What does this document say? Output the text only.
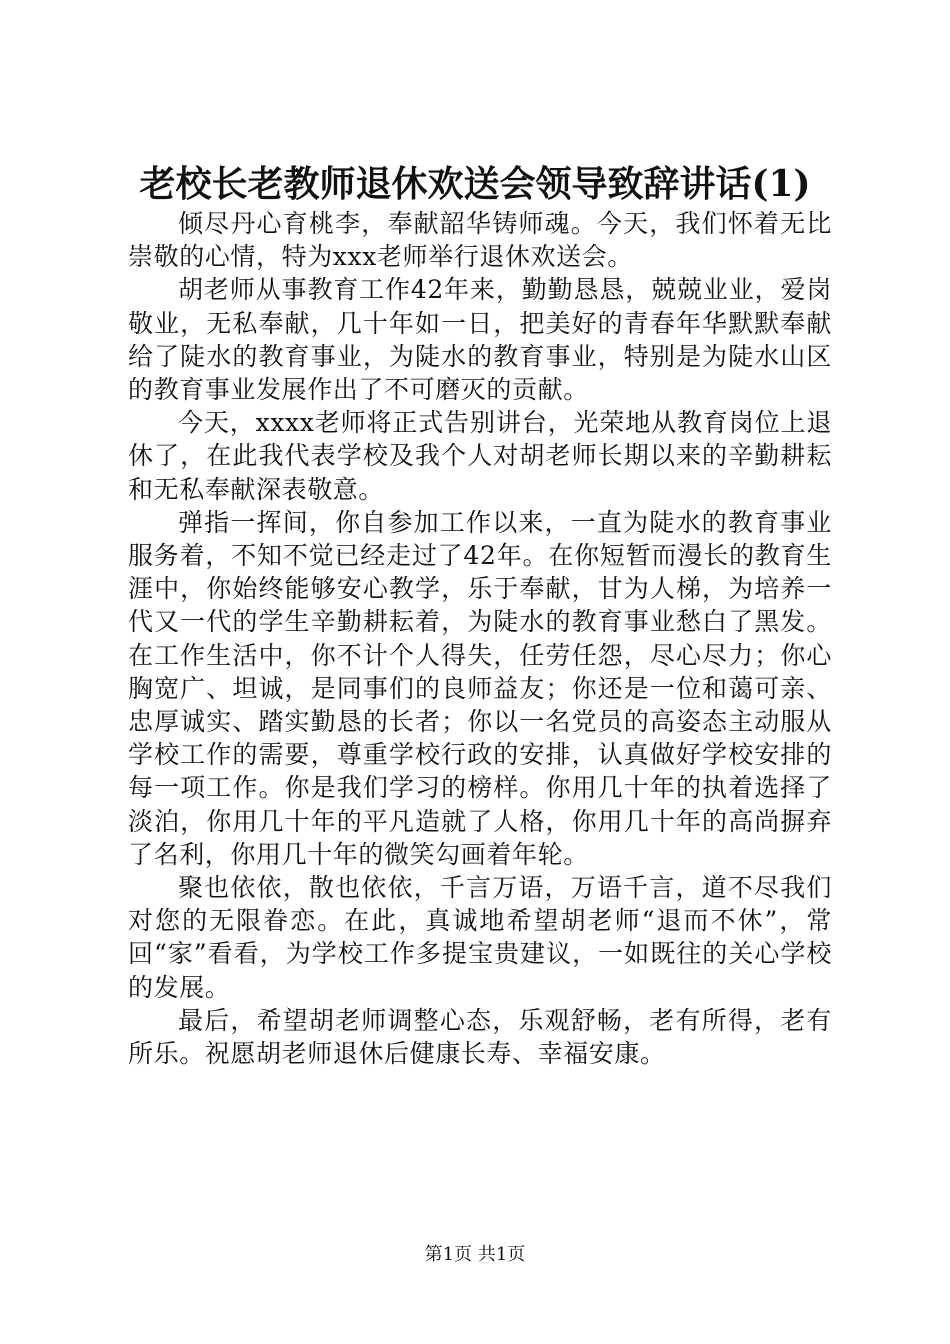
老校长老教师退休欢送会领导致辞讲话(1)

倾尽丹心育桃李，奉献韶华铸师魂。今天，我们怀着无比崇敬的心情，特为xxx老师举行退休欢送会。

胡老师从事教育工作42年来，勤勤恳恳，兢兢业业，爱岗敬业，无私奉献，几十年如一日，把美好的青春年华默默奉献给了陡水的教育事业，为陡水的教育事业，特别是为陡水山区的教育事业发展作出了不可磨灭的贡献。

今天，xxxx老师将正式告别讲台，光荣地从教育岗位上退休了，在此我代表学校及我个人对胡老师长期以来的辛勤耕耘和无私奉献深表敬意。

弹指一挥间，你自参加工作以来，一直为陡水的教育事业服务着，不知不觉已经走过了42年。在你短暂而漫长的教育生涯中，你始终能够安心教学，乐于奉献，甘为人梯，为培养一代又一代的学生辛勤耕耘着，为陡水的教育事业愁白了黑发。在工作生活中，你不计个人得失，任劳任怨，尽心尽力；你心胸宽广、坦诚，是同事们的良师益友；你还是一位和蔼可亲、忠厚诚实、踏实勤恳的长者；你以一名党员的高姿态主动服从学校工作的需要，尊重学校行政的安排，认真做好学校安排的每一项工作。你是我们学习的榜样。你用几十年的执着选择了淡泊，你用几十年的平凡造就了人格，你用几十年的高尚摒弃了名利，你用几十年的微笑勾画着年轮。

聚也依依，散也依依，千言万语，万语千言，道不尽我们对您的无限眷恋。在此，真诚地希望胡老师“退而不休”，常回“家”看看，为学校工作多提宝贵建议，一如既往的关心学校的发展。

最后，希望胡老师调整心态，乐观舒畅，老有所得，老有所乐。祝愿胡老师退休后健康长寿、幸福安康。

第1页 共1页
